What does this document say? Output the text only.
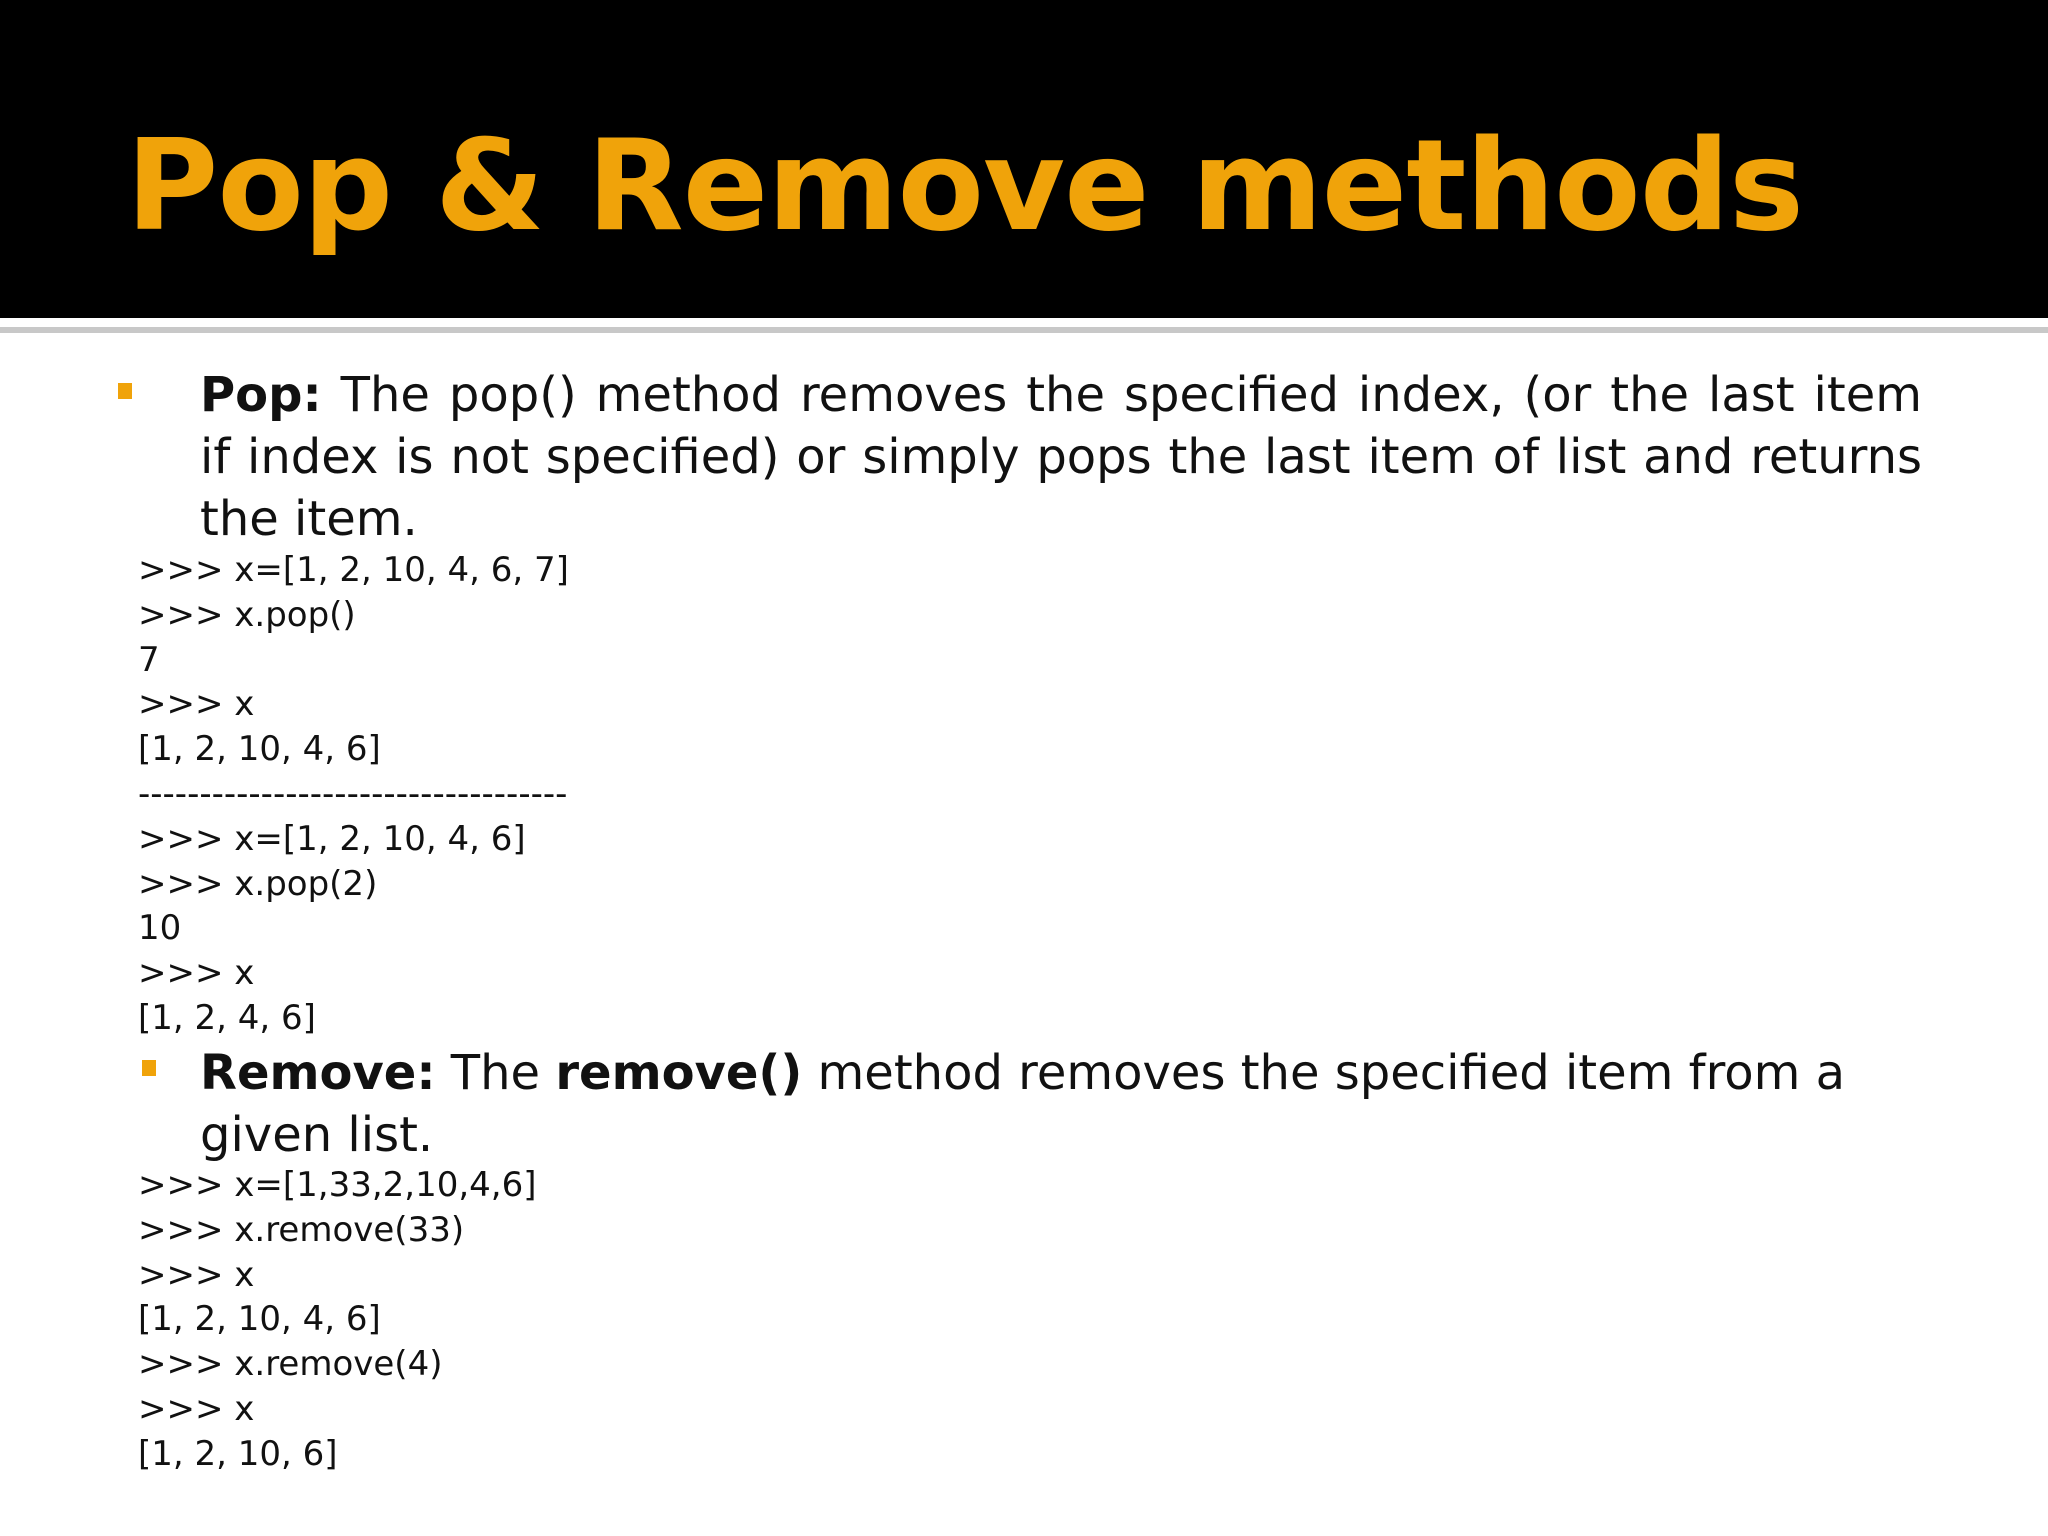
Pop & Remove methods
Pop: The pop() method removes the specified index, (or the last item if index is not specified) or simply pops the last item of list and returns the item.
>>> x=[1, 2, 10, 4, 6, 7]
>>> x.pop()
7
>>> x
[1, 2, 10, 4, 6]
-----------------------------------
>>> x=[1, 2, 10, 4, 6]
>>> x.pop(2)
10
>>> x
[1, 2, 4, 6]
Remove: The remove() method removes the specified item from a given list.
>>> x=[1,33,2,10,4,6]
>>> x.remove(33)
>>> x
[1, 2, 10, 4, 6]
>>> x.remove(4)
>>> x
[1, 2, 10, 6]
